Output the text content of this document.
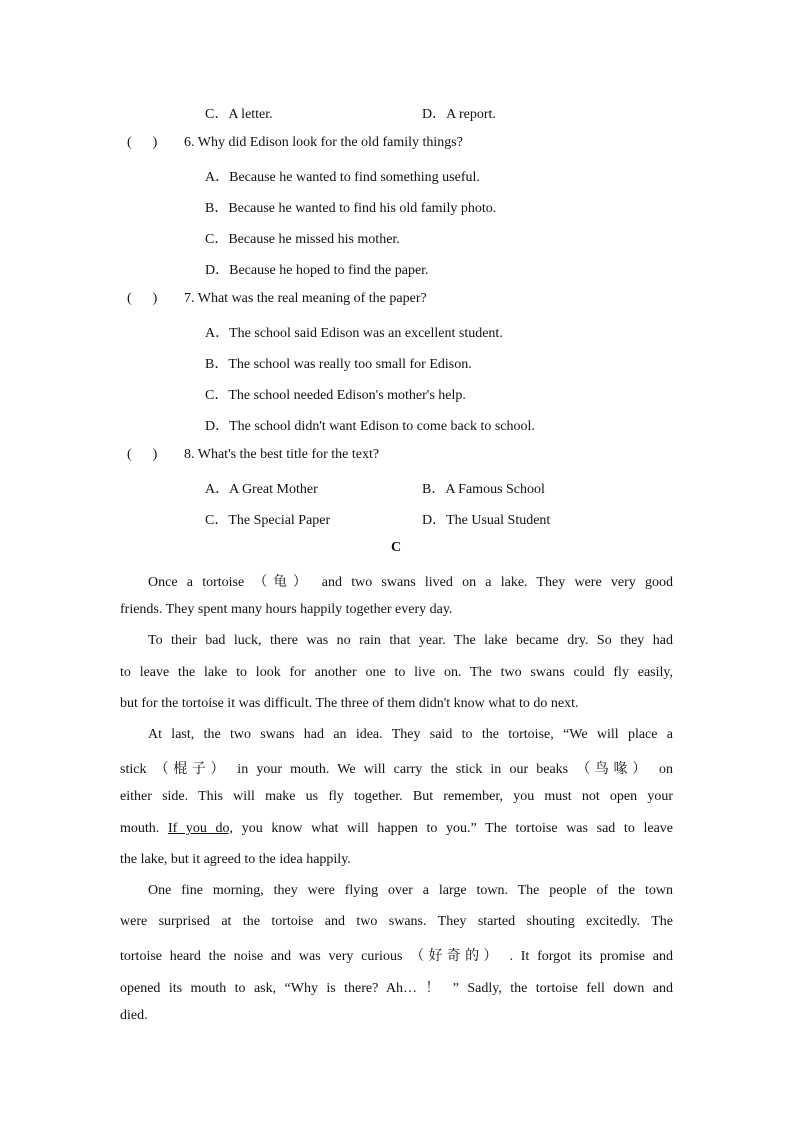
C．A letter.	D．A report.
(      ) 6. Why did Edison look for the old family things?
A．Because he wanted to find something useful.
B．Because he wanted to find his old family photo.
C．Because he missed his mother.
D．Because he hoped to find the paper.
(      ) 7. What was the real meaning of the paper?
A．The school said Edison was an excellent student.
B．The school was really too small for Edison.
C．The school needed Edison's mother's help.
D．The school didn't want Edison to come back to school.
(      ) 8. What's the best title for the text?
A．A Great Mother	B．A Famous School
C．The Special Paper	D．The Usual Student
C
Once a tortoise （龟） and two swans lived on a lake. They were very good
friends. They spent many hours happily together every day.
To their bad luck, there was no rain that year. The lake became dry. So they had
to leave the lake to look for another one to live on. The two swans could fly easily,
but for the tortoise it was difficult. The three of them didn't know what to do next.
At last, the two swans had an idea. They said to the tortoise, “We will place a
stick （棍子） in your mouth. We will carry the stick in our beaks （鸟喙） on
either side. This will make us fly together. But remember, you must not open your
mouth. If you do, you know what will happen to you.” The tortoise was sad to leave
the lake, but it agreed to the idea happily.
One fine morning, they were flying over a large town. The people of the town
were surprised at the tortoise and two swans. They started shouting excitedly. The
tortoise heard the noise and was very curious （好奇的） . It forgot its promise and
opened its mouth to ask, “Why is there? Ah… ！ ” Sadly, the tortoise fell down and
died.
